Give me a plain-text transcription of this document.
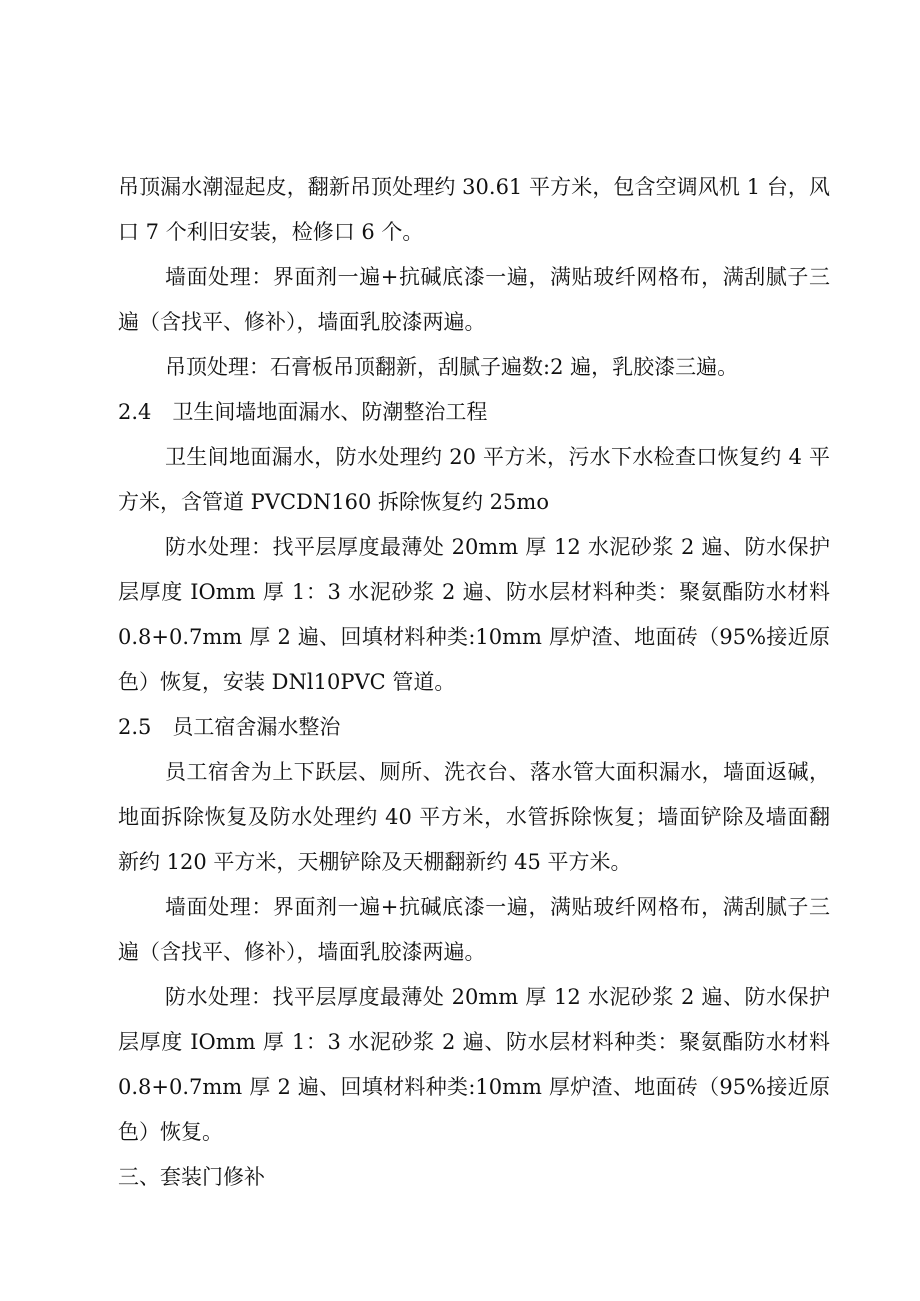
吊顶漏水潮湿起皮，翻新吊顶处理约 30.61 平方米，包含空调风机 1 台，风口 7 个利旧安装，检修口 6 个。

墙面处理：界面剂一遍+抗碱底漆一遍，满贴玻纤网格布，满刮腻子三遍（含找平、修补），墙面乳胶漆两遍。

吊顶处理：石膏板吊顶翻新，刮腻子遍数:2 遍，乳胶漆三遍。

2.4　卫生间墙地面漏水、防潮整治工程

卫生间地面漏水，防水处理约 20 平方米，污水下水检查口恢复约 4 平方米，含管道 PVCDN160 拆除恢复约 25mo

防水处理：找平层厚度最薄处 20mm 厚 12 水泥砂浆 2 遍、防水保护层厚度 IOmm 厚 1：3 水泥砂浆 2 遍、防水层材料种类：聚氨酯防水材料 0.8+0.7mm 厚 2 遍、回填材料种类:10mm 厚炉渣、地面砖（95%接近原色）恢复，安装 DNl10PVC 管道。

2.5　员工宿舍漏水整治

员工宿舍为上下跃层、厕所、洗衣台、落水管大面积漏水，墙面返碱，地面拆除恢复及防水处理约 40 平方米，水管拆除恢复；墙面铲除及墙面翻新约 120 平方米，天棚铲除及天棚翻新约 45 平方米。

墙面处理：界面剂一遍+抗碱底漆一遍，满贴玻纤网格布，满刮腻子三遍（含找平、修补），墙面乳胶漆两遍。

防水处理：找平层厚度最薄处 20mm 厚 12 水泥砂浆 2 遍、防水保护层厚度 IOmm 厚 1：3 水泥砂浆 2 遍、防水层材料种类：聚氨酯防水材料 0.8+0.7mm 厚 2 遍、回填材料种类:10mm 厚炉渣、地面砖（95%接近原色）恢复。

三、套装门修补
